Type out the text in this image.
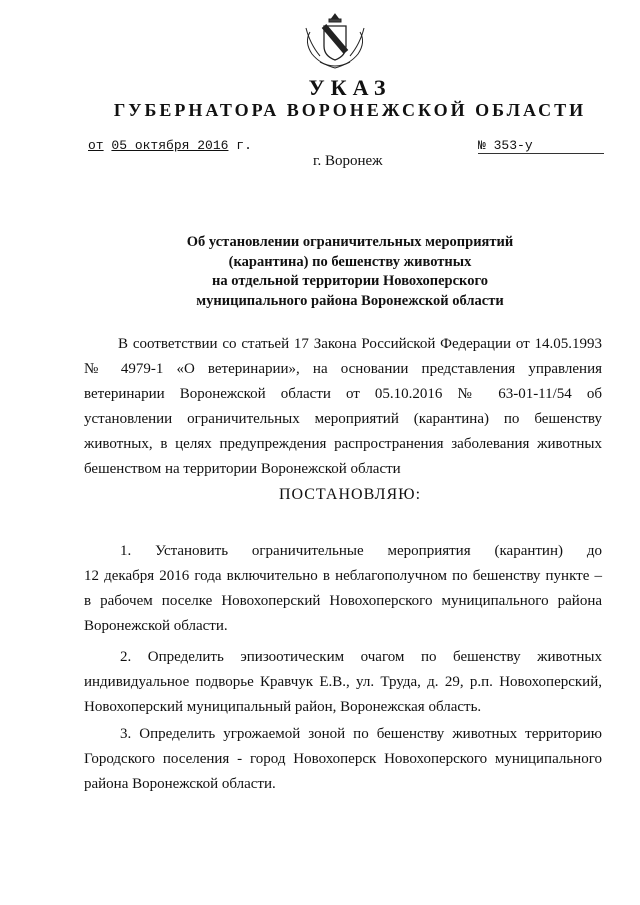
УКАЗ
ГУБЕРНАТОРА ВОРОНЕЖСКОЙ ОБЛАСТИ
от 05 октября 2016 г.	№ 353-у
г. Воронеж
Об установлении ограничительных мероприятий
(карантина) по бешенству животных
на отдельной территории Новохоперского
муниципального района Воронежской области
В соответствии со статьей 17 Закона Российской Федерации от 14.05.1993
№ 4979-1 «О ветеринарии», на основании представления управления
ветеринарии Воронежской области от 05.10.2016 № 63-01-11/54 об
установлении ограничительных мероприятий (карантина) по бешенству
животных, в целях предупреждения распространения заболевания животных
бешенством на территории Воронежской области
ПОСТАНОВЛЯЮ:
1. Установить ограничительные мероприятия (карантин) до
12 декабря 2016 года включительно в неблагополучном по бешенству пункте –
в рабочем поселке Новохоперский Новохоперского муниципального района
Воронежской области.
2. Определить эпизоотическим очагом по бешенству животных
индивидуальное подворье Кравчук Е.В., ул. Труда, д. 29, р.п. Новохоперский,
Новохоперский муниципальный район, Воронежская область.
3. Определить угрожаемой зоной по бешенству животных территорию
Городского поселения - город Новохоперск Новохоперского муниципального
района Воронежской области.
